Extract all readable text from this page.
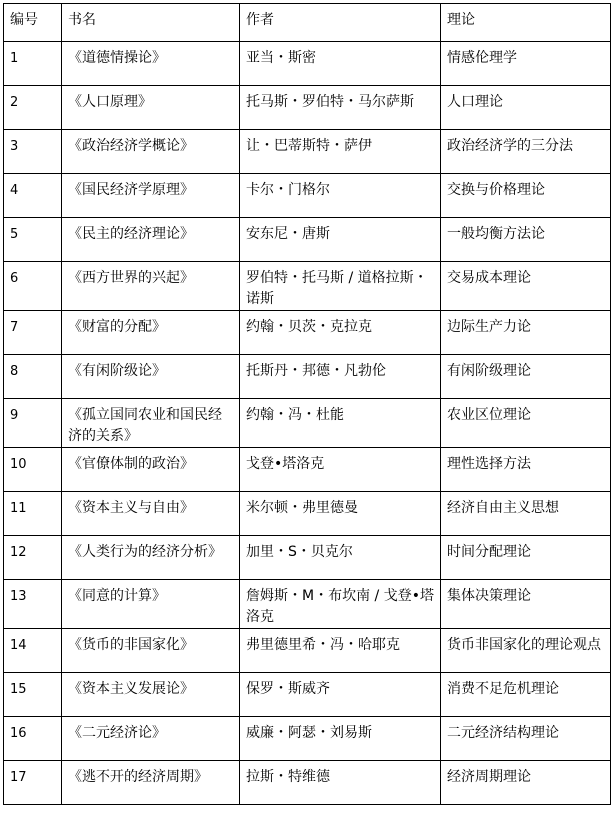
编号	书名	作者	理论
1	《道德情操论》	亚当・斯密	情感伦理学
2	《人口原理》	托马斯・罗伯特・马尔萨斯	人口理论
3	《政治经济学概论》	让・巴蒂斯特・萨伊	政治经济学的三分法
4	《国民经济学原理》	卡尔・门格尔	交换与价格理论
5	《民主的经济理论》	安东尼・唐斯	一般均衡方法论
6	《西方世界的兴起》	罗伯特・托马斯 / 道格拉斯・诺斯	交易成本理论
7	《财富的分配》	约翰・贝茨・克拉克	边际生产力论
8	《有闲阶级论》	托斯丹・邦德・凡勃伦	有闲阶级理论
9	《孤立国同农业和国民经济的关系》	约翰・冯・杜能	农业区位理论
10	《官僚体制的政治》	戈登•塔洛克	理性选择方法
11	《资本主义与自由》	米尔顿・弗里德曼	经济自由主义思想
12	《人类行为的经济分析》	加里・S・贝克尔	时间分配理论
13	《同意的计算》	詹姆斯・M・布坎南 / 戈登•塔洛克	集体决策理论
14	《货币的非国家化》	弗里德里希・冯・哈耶克	货币非国家化的理论观点
15	《资本主义发展论》	保罗・斯威齐	消费不足危机理论
16	《二元经济论》	威廉・阿瑟・刘易斯	二元经济结构理论
17	《逃不开的经济周期》	拉斯・特维德	经济周期理论
